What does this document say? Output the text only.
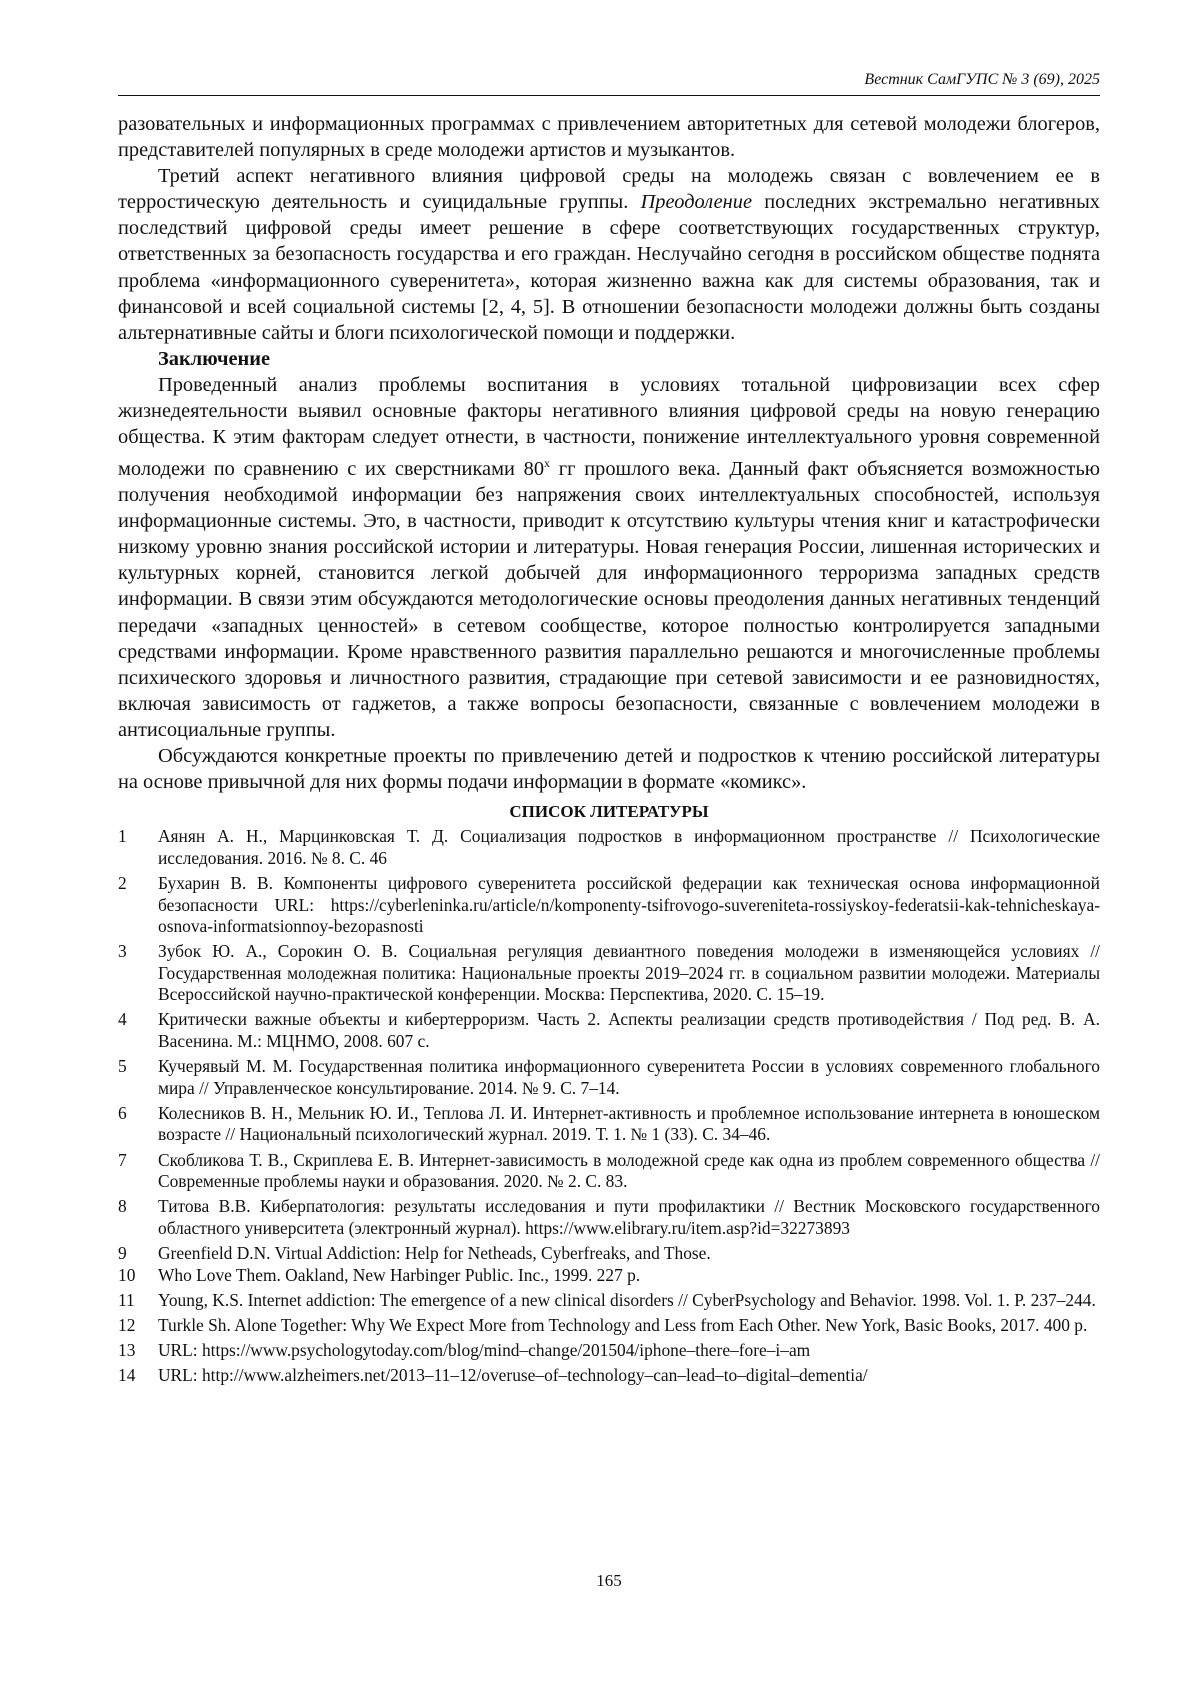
Вестник СамГУПС № 3 (69), 2025

разовательных и информационных программах с привлечением авторитетных для сетевой молодежи блогеров, представителей популярных в среде молодежи артистов и музыкантов.

Третий аспект негативного влияния цифровой среды на молодежь связан с вовлечением ее в терростическую деятельность и суицидальные группы. Преодоление последних экстремально негативных последствий цифровой среды имеет решение в сфере соответствующих государственных структур, ответственных за безопасность государства и его граждан. Неслучайно сегодня в российском обществе поднята проблема «информационного суверенитета», которая жизненно важна как для системы образования, так и финансовой и всей социальной системы [2, 4, 5]. В отношении безопасности молодежи должны быть созданы альтернативные сайты и блоги психологической помощи и поддержки.

Заключение

Проведенный анализ проблемы воспитания в условиях тотальной цифровизации всех сфер жизнедеятельности выявил основные факторы негативного влияния цифровой среды на новую генерацию общества. К этим факторам следует отнести, в частности, понижение интеллектуального уровня современной молодежи по сравнению с их сверстниками $80^х$ гг прошлого века. Данный факт объясняется возможностью получения необходимой информации без напряжения своих интеллектуальных способностей, используя информационные системы. Это, в частности, приводит к отсутствию культуры чтения книг и катастрофически низкому уровню знания российской истории и литературы. Новая генерация России, лишенная исторических и культурных корней, становится легкой добычей для информационного терроризма западных средств информации. В связи этим обсуждаются методологические основы преодоления данных негативных тенденций передачи «западных ценностей» в сетевом сообществе, которое полностью контролируется западными средствами информации. Кроме нравственного развития параллельно решаются и многочисленные проблемы психического здоровья и личностного развития, страдающие при сетевой зависимости и ее разновидностях, включая зависимость от гаджетов, а также вопросы безопасности, связанные с вовлечением молодежи в антисоциальные группы.

Обсуждаются конкретные проекты по привлечению детей и подростков к чтению российской литературы на основе привычной для них формы подачи информации в формате «комикс».

СПИСОК ЛИТЕРАТУРЫ
1 Аянян А. Н., Марцинковская Т. Д. Социализация подростков в информационном пространстве // Психологические исследования. 2016. № 8. С. 46
2 Бухарин В. В. Компоненты цифрового суверенитета российской федерации как техническая основа информационной безопасности URL: https://cyberleninka.ru/article/n/komponenty-tsifrovogo-suvereniteta-rossiyskoy-federatsii-kak-tehnicheskaya-osnova-informatsionnoy-bezopasnosti
3 Зубок Ю. А., Сорокин О. В. Социальная регуляция девиантного поведения молодежи в изменяющейся условиях // Государственная молодежная политика: Национальные проекты 2019–2024 гг. в социальном развитии молодежи. Материалы Всероссийской научно-практической конференции. Москва: Перспектива, 2020. С. 15–19.
4 Критически важные объекты и кибертерроризм. Часть 2. Аспекты реализации средств противодействия / Под ред. В. А. Васенина. М.: МЦНМО, 2008. 607 с.
5 Кучерявый М. М. Государственная политика информационного суверенитета России в условиях современного глобального мира // Управленческое консультирование. 2014. № 9. С. 7–14.
6 Колесников В. Н., Мельник Ю. И., Теплова Л. И. Интернет-активность и проблемное использование интернета в юношеском возрасте // Национальный психологический журнал. 2019. Т. 1. № 1 (33). С. 34–46.
7 Скобликова Т. В., Скриплева Е. В. Интернет-зависимость в молодежной среде как одна из проблем современного общества // Современные проблемы науки и образования. 2020. № 2. С. 83.
8 Титова В.В. Киберпатология: результаты исследования и пути профилактики // Вестник Московского государственного областного университета (электронный журнал). https://www.elibrary.ru/item.asp?id=32273893
9 Greenfield D.N. Virtual Addiction: Help for Netheads, Cyberfreaks, and Those.
10 Who Love Them. Oakland, New Harbinger Public. Inc., 1999. 227 p.
11 Young, K.S. Internet addiction: The emergence of a new clinical disorders // CyberPsychology and Behavior. 1998. Vol. 1. P. 237–244.
12 Turkle Sh. Alone Together: Why We Expect More from Technology and Less from Each Other. New York, Basic Books, 2017. 400 p.
13 URL: https://www.psychologytoday.com/blog/mind–change/201504/iphone–there–fore–i–am
14 URL: http://www.alzheimers.net/2013–11–12/overuse–of–technology–can–lead–to–digital–dementia/
165
